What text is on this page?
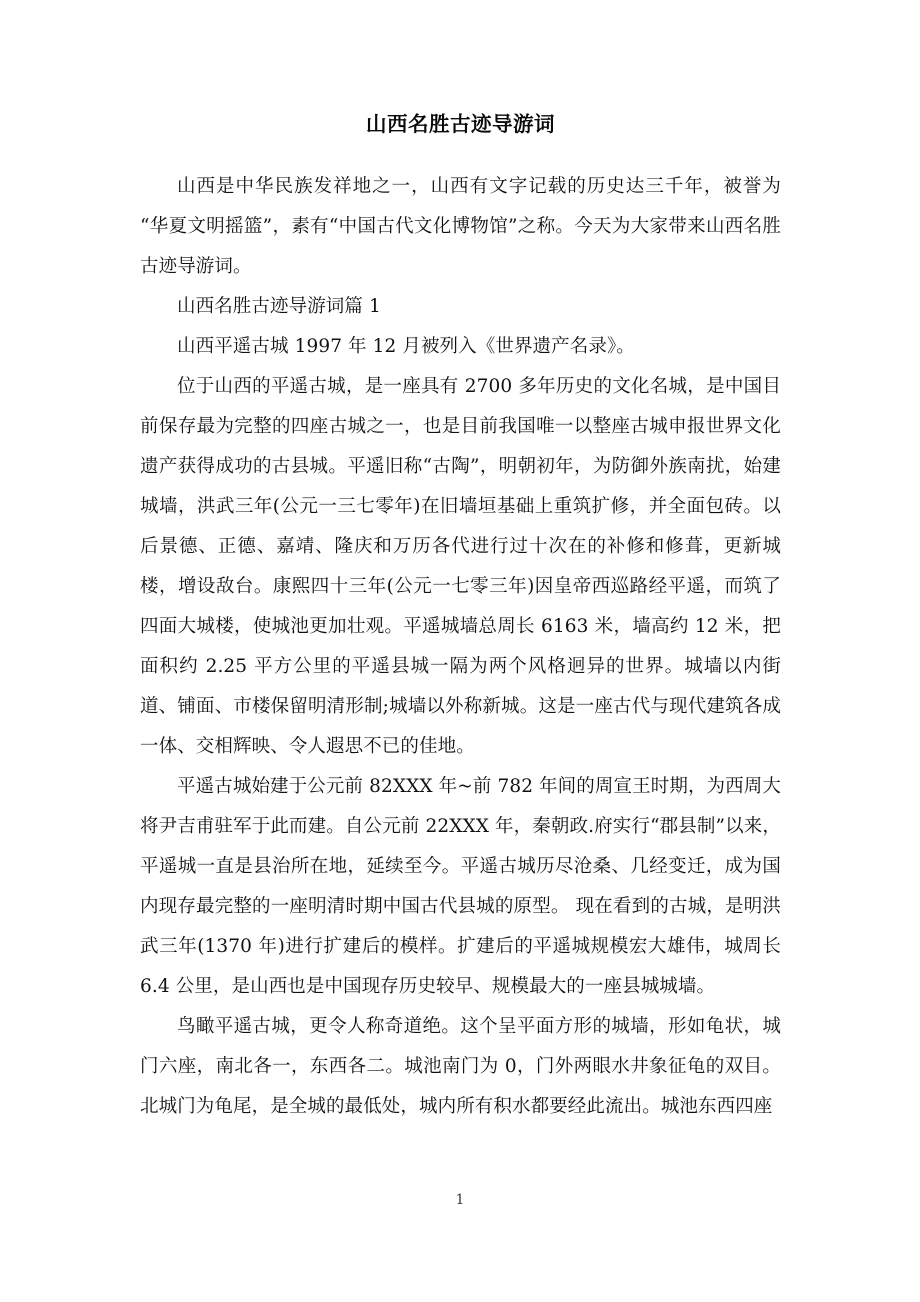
山西名胜古迹导游词

山西是中华民族发祥地之一，山西有文字记载的历史达三千年，被誉为“华夏文明摇篮”，素有“中国古代文化博物馆”之称。今天为大家带来山西名胜古迹导游词。

山西名胜古迹导游词篇 1

山西平遥古城 1997 年 12 月被列入《世界遗产名录》。

位于山西的平遥古城，是一座具有 2700 多年历史的文化名城，是中国目前保存最为完整的四座古城之一，也是目前我国唯一以整座古城申报世界文化遗产获得成功的古县城。平遥旧称“古陶”，明朝初年，为防御外族南扰，始建城墙，洪武三年(公元一三七零年)在旧墙垣基础上重筑扩修，并全面包砖。以后景德、正德、嘉靖、隆庆和万历各代进行过十次在的补修和修葺，更新城楼，增设敌台。康熙四十三年(公元一七零三年)因皇帝西巡路经平遥，而筑了四面大城楼，使城池更加壮观。平遥城墙总周长 6163 米，墙高约 12 米，把面积约 2.25 平方公里的平遥县城一隔为两个风格迥异的世界。城墙以内街道、铺面、市楼保留明清形制;城墙以外称新城。这是一座古代与现代建筑各成一体、交相辉映、令人遐思不已的佳地。

平遥古城始建于公元前 82XXX 年~前 782 年间的周宣王时期，为西周大将尹吉甫驻军于此而建。自公元前 22XXX 年，秦朝政.府实行“郡县制”以来，平遥城一直是县治所在地，延续至今。平遥古城历尽沧桑、几经变迁，成为国内现存最完整的一座明清时期中国古代县城的原型。 现在看到的古城，是明洪武三年(1370 年)进行扩建后的模样。扩建后的平遥城规模宏大雄伟，城周长 6.4 公里，是山西也是中国现存历史较早、规模最大的一座县城城墙。

鸟瞰平遥古城，更令人称奇道绝。这个呈平面方形的城墙，形如龟状，城门六座，南北各一，东西各二。城池南门为 0，门外两眼水井象征龟的双目。北城门为龟尾，是全城的最低处，城内所有积水都要经此流出。城池东西四座

1
